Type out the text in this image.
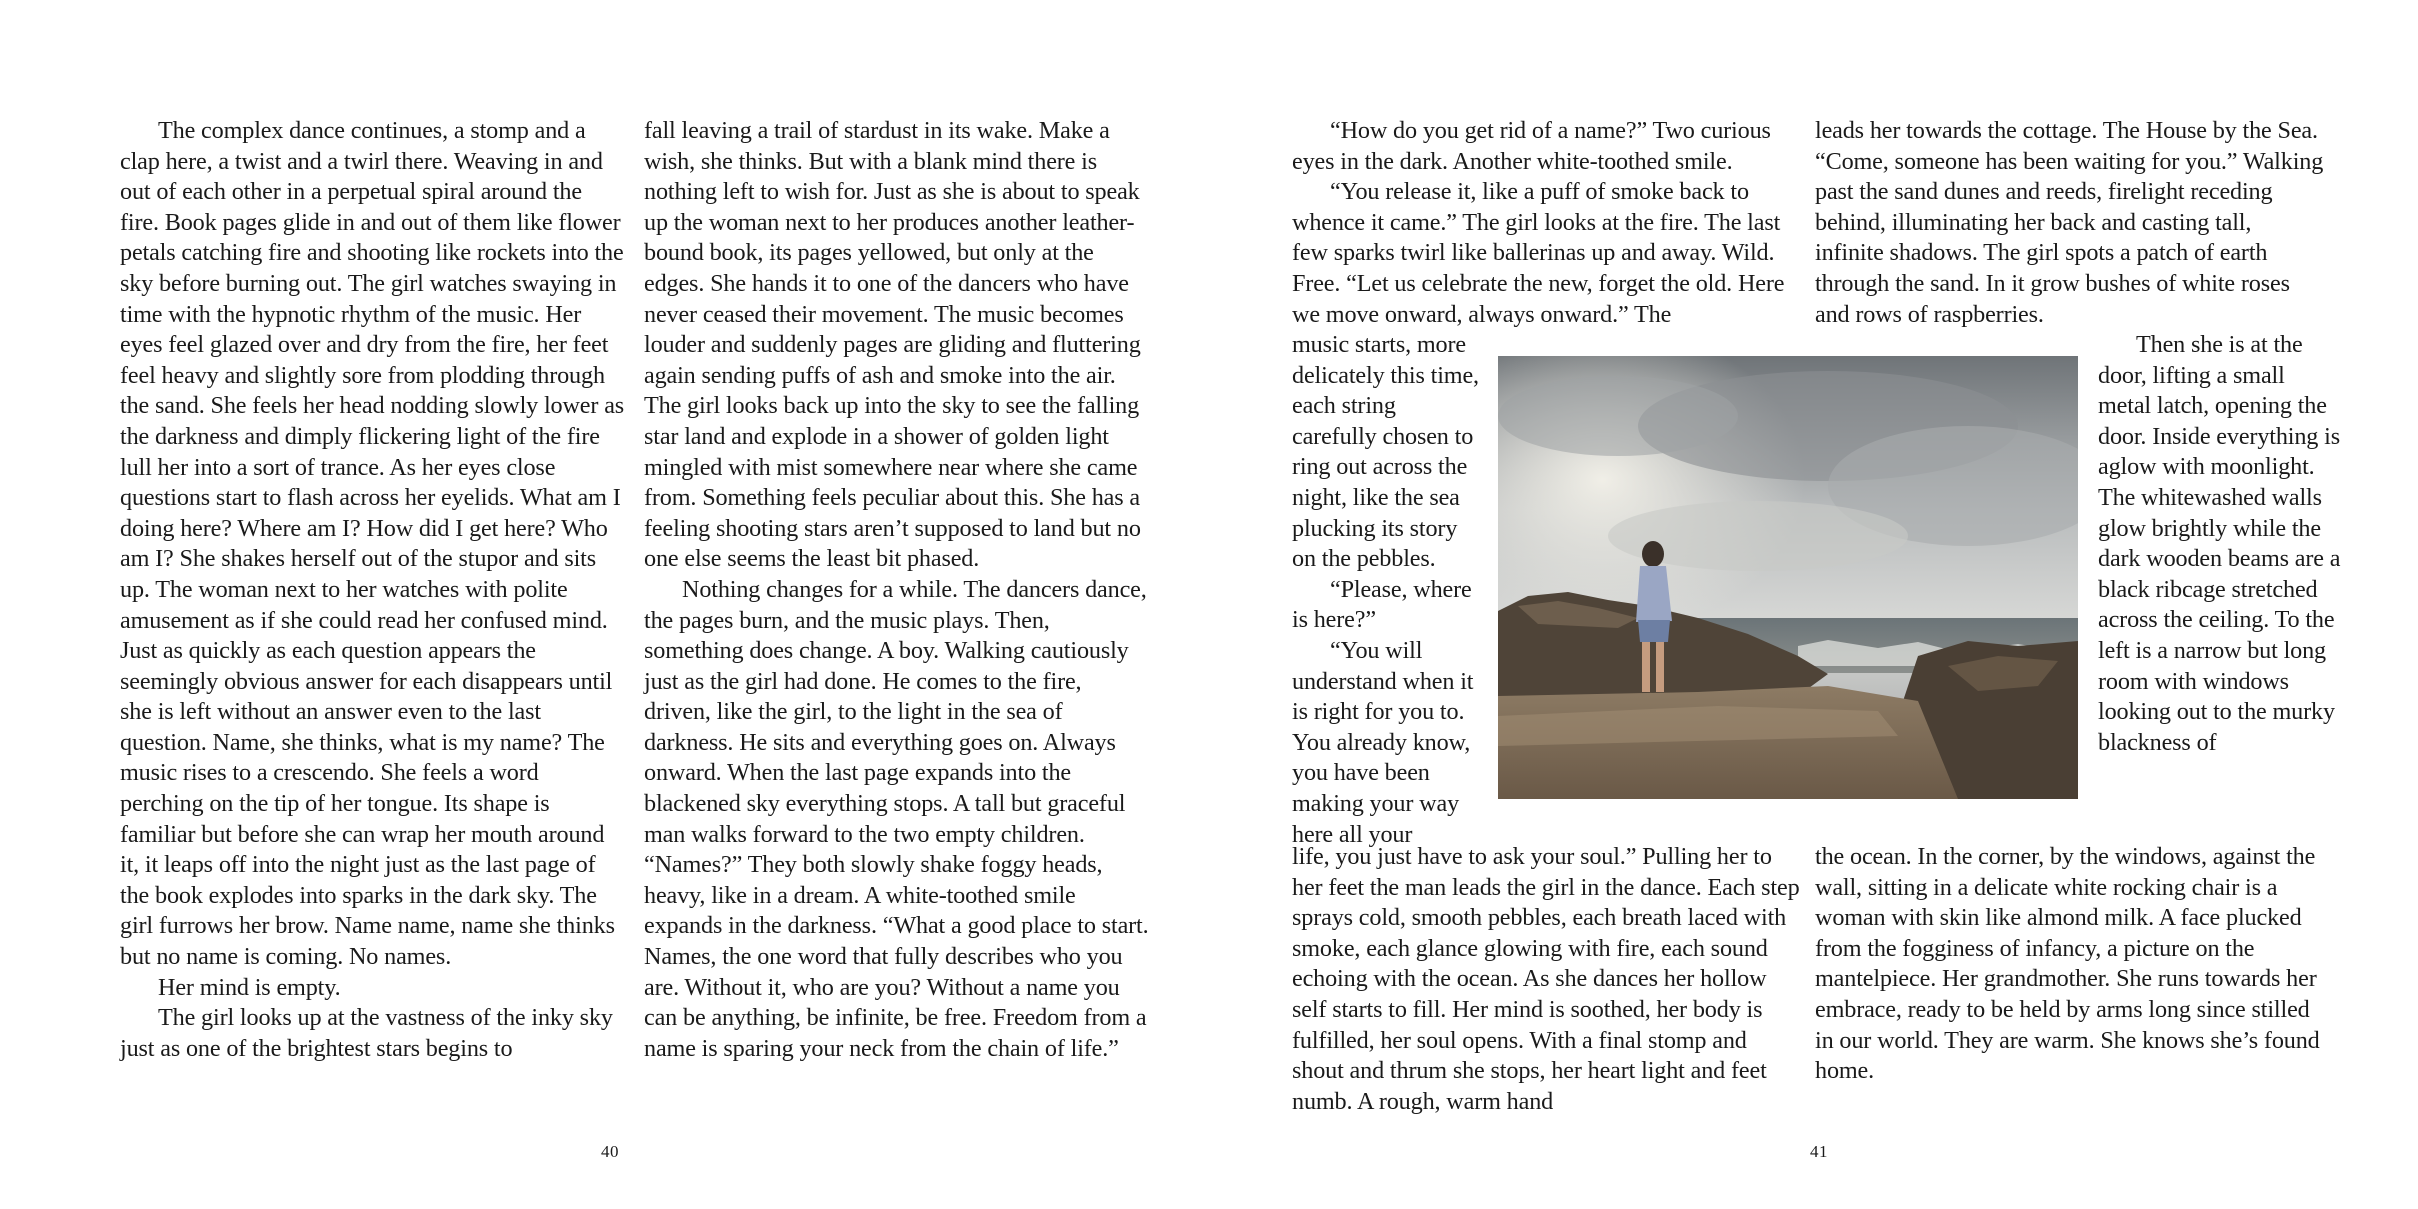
The complex dance continues, a stomp and a clap here, a twist and a twirl there. Weaving in and out of each other in a perpetual spiral around the fire. Book pages glide in and out of them like flower petals catching fire and shooting like rockets into the sky before burning out. The girl watches swaying in time with the hypnotic rhythm of the music. Her eyes feel glazed over and dry from the fire, her feet feel heavy and slightly sore from plodding through the sand. She feels her head nodding slowly lower as the darkness and dimply flickering light of the fire lull her into a sort of trance. As her eyes close questions start to flash across her eyelids. What am I doing here? Where am I? How did I get here? Who am I? She shakes herself out of the stupor and sits up. The woman next to her watches with polite amusement as if she could read her confused mind. Just as quickly as each question appears the seemingly obvious answer for each disappears until she is left without an answer even to the last question. Name, she thinks, what is my name? The music rises to a crescendo. She feels a word perching on the tip of her tongue. Its shape is familiar but before she can wrap her mouth around it, it leaps off into the night just as the last page of the book explodes into sparks in the dark sky. The girl furrows her brow. Name name, name she thinks but no name is coming. No names.

Her mind is empty.

The girl looks up at the vastness of the inky sky just as one of the brightest stars begins to

fall leaving a trail of stardust in its wake. Make a wish, she thinks. But with a blank mind there is nothing left to wish for. Just as she is about to speak up the woman next to her produces another leather-bound book, its pages yellowed, but only at the edges. She hands it to one of the dancers who have never ceased their movement. The music becomes louder and suddenly pages are gliding and fluttering again sending puffs of ash and smoke into the air. The girl looks back up into the sky to see the falling star land and explode in a shower of golden light mingled with mist somewhere near where she came from. Something feels peculiar about this. She has a feeling shooting stars aren’t supposed to land but no one else seems the least bit phased.

Nothing changes for a while. The dancers dance, the pages burn, and the music plays. Then, something does change. A boy. Walking cautiously just as the girl had done. He comes to the fire, driven, like the girl, to the light in the sea of darkness. He sits and everything goes on. Always onward. When the last page expands into the blackened sky everything stops. A tall but graceful man walks forward to the two empty children. “Names?” They both slowly shake foggy heads, heavy, like in a dream. A white-toothed smile expands in the darkness. “What a good place to start. Names, the one word that fully describes who you are. Without it, who are you? Without a name you can be anything, be infinite, be free. Freedom from a name is sparing your neck from the chain of life.”

40

“How do you get rid of a name?” Two curious eyes in the dark. Another white-toothed smile.

“You release it, like a puff of smoke back to whence it came.” The girl looks at the fire. The last few sparks twirl like ballerinas up and away. Wild. Free. “Let us celebrate the new, forget the old. Here we move onward, always onward.” The

music starts, more delicately this time, each string carefully chosen to ring out across the night, like the sea plucking its story on the pebbles.

“Please, where is here?”

“You will understand when it is right for you to. You already know, you have been making your way here all your

life, you just have to ask your soul.” Pulling her to her feet the man leads the girl in the dance. Each step sprays cold, smooth pebbles, each breath laced with smoke, each glance glowing with fire, each sound echoing with the ocean. As she dances her hollow self starts to fill. Her mind is soothed, her body is fulfilled, her soul opens. With a final stomp and shout and thrum she stops, her heart light and feet numb. A rough, warm hand

leads her towards the cottage. The House by the Sea. “Come, someone has been waiting for you.” Walking past the sand dunes and reeds, firelight receding behind, illuminating her back and casting tall, infinite shadows. The girl spots a patch of earth through the sand. In it grow bushes of white roses and rows of raspberries.

Then she is at the door, lifting a small metal latch, opening the door. Inside everything is aglow with moonlight. The whitewashed walls glow brightly while the dark wooden beams are a black ribcage stretched across the ceiling. To the left is a narrow but long room with windows looking out to the murky blackness of

the ocean. In the corner, by the windows, against the wall, sitting in a delicate white rocking chair is a woman with skin like almond milk. A face plucked from the fogginess of infancy, a picture on the mantelpiece. Her grandmother. She runs towards her embrace, ready to be held by arms long since stilled in our world. They are warm. She knows she’s found home.

41
